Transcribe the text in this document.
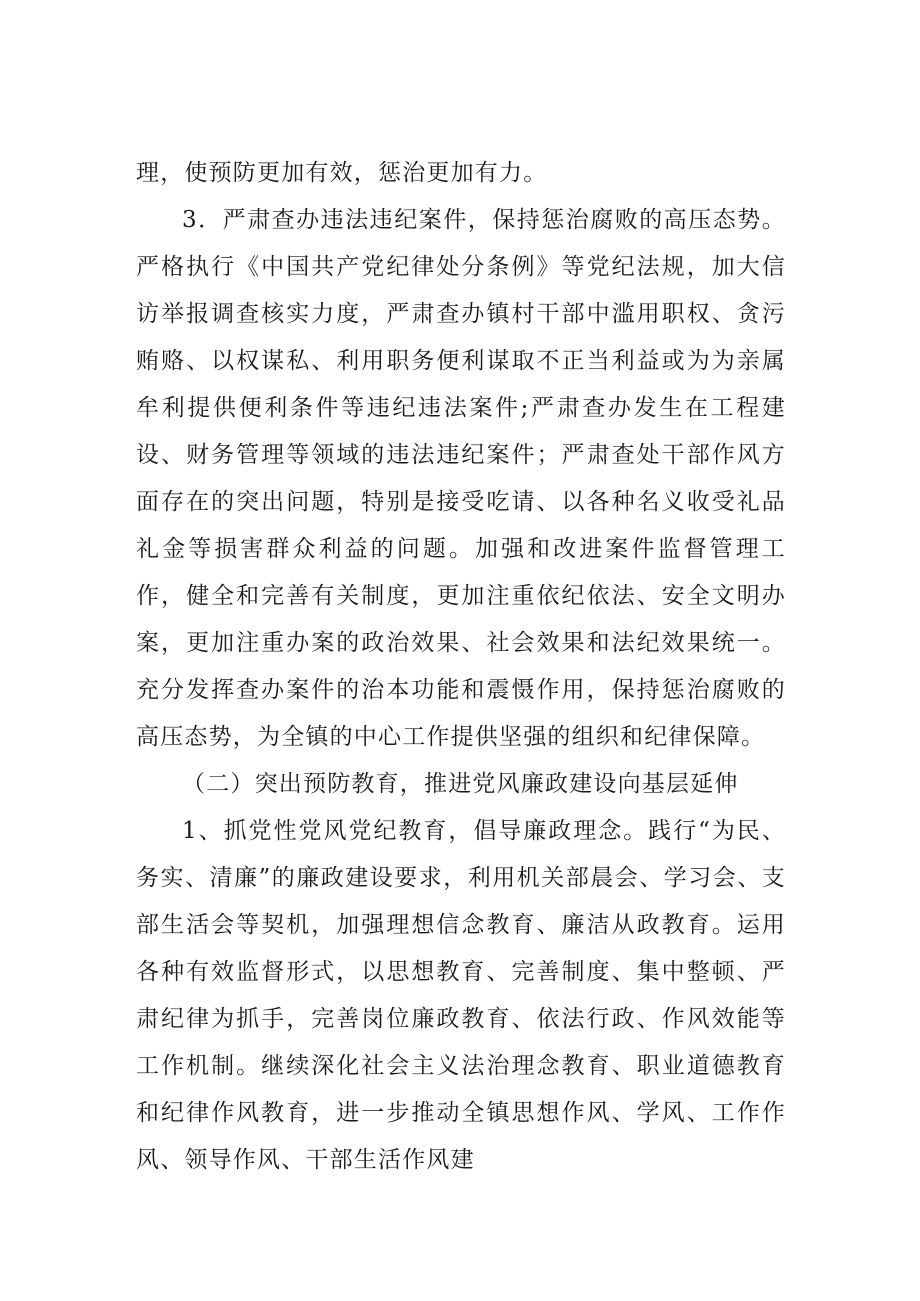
理，使预防更加有效，惩治更加有力。

3．严肃查办违法违纪案件，保持惩治腐败的高压态势。严格执行《中国共产党纪律处分条例》等党纪法规，加大信访举报调查核实力度，严肃查办镇村干部中滥用职权、贪污贿赂、以权谋私、利用职务便利谋取不正当利益或为为亲属牟利提供便利条件等违纪违法案件;严肃查办发生在工程建设、财务管理等领域的违法违纪案件；严肃查处干部作风方面存在的突出问题，特别是接受吃请、以各种名义收受礼品礼金等损害群众利益的问题。加强和改进案件监督管理工作，健全和完善有关制度，更加注重依纪依法、安全文明办案，更加注重办案的政治效果、社会效果和法纪效果统一。充分发挥查办案件的治本功能和震慑作用，保持惩治腐败的高压态势，为全镇的中心工作提供坚强的组织和纪律保障。

（二）突出预防教育，推进党风廉政建设向基层延伸

1、抓党性党风党纪教育，倡导廉政理念。践行“为民、务实、清廉”的廉政建设要求，利用机关部晨会、学习会、支部生活会等契机，加强理想信念教育、廉洁从政教育。运用各种有效监督形式，以思想教育、完善制度、集中整顿、严肃纪律为抓手，完善岗位廉政教育、依法行政、作风效能等工作机制。继续深化社会主义法治理念教育、职业道德教育和纪律作风教育，进一步推动全镇思想作风、学风、工作作风、领导作风、干部生活作风建
